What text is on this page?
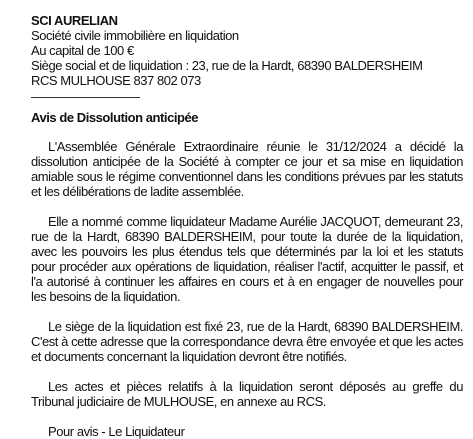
SCI AURELIAN
Société civile immobilière en liquidation
Au capital de 100 €
Siège social et de liquidation : 23, rue de la Hardt, 68390 BALDERSHEIM
RCS MULHOUSE 837 802 073
Avis de Dissolution anticipée

L'Assemblée Générale Extraordinaire réunie le 31/12/2024 a décidé la dissolution anticipée de la Société à compter ce jour et sa mise en liquidation amiable sous le régime conventionnel dans les conditions prévues par les statuts et les délibérations de ladite assemblée.

Elle a nommé comme liquidateur Madame Aurélie JACQUOT, demeurant 23, rue de la Hardt, 68390 BALDERSHEIM, pour toute la durée de la liquidation, avec les pouvoirs les plus étendus tels que déterminés par la loi et les statuts pour procéder aux opérations de liquidation, réaliser l'actif, acquitter le passif, et l'a autorisé à continuer les affaires en cours et à en engager de nouvelles pour les besoins de la liquidation.

Le siège de la liquidation est fixé 23, rue de la Hardt, 68390 BALDERSHEIM. C'est à cette adresse que la correspondance devra être envoyée et que les actes et documents concernant la liquidation devront être notifiés.

Les actes et pièces relatifs à la liquidation seront déposés au greffe du Tribunal judiciaire de MULHOUSE, en annexe au RCS.

Pour avis - Le Liquidateur
